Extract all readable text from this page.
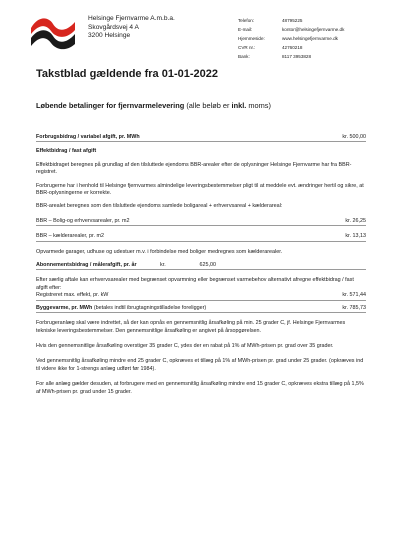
Helsinge Fjernvarme A.m.b.a.
Skovgårdsvej 4 A
3200 Helsinge
Telefon:	48795225
E-mail:	kontor@helsingefjernvarme.dk
Hjemmeside:	www.helsingefjernvarme.dk
CVR nr.:	42760218
Bank:	8117 3953828
Takstblad gældende fra 01-01-2022
Løbende betalinger for fjernvarmelevering (alle beløb er inkl. moms)
Forbrugsbidrag / variabel afgift, pr. MWh	kr. 500,00
Effektbidrag / fast afgift

Effektbidraget beregnes på grundlag af den tilsluttede ejendoms BBR-arealer efter de oplysninger Helsinge Fjernvarme har fra BBR-registret.

Forbrugerne har i henhold til Helsinge fjernvarmes almindelige leveringsbestemmelser pligt til at meddele evt. ændringer hertil og sikre, at BBR-oplysningerne er korrekte.

BBR-arealet beregnes som den tilsluttede ejendoms samlede boligareal + erhvervsareal + kælderareal:

BBR – Bolig-og erhvervsarealer, pr. m2	kr. 26,25
BBR – kælderarealer, pr. m2	kr. 13,13

Opvarmede garager, udhuse og udestuer m.v. i forbindelse med boliger medregnes som kælderarealer.

Abonnementsbidrag / målerafgift, pr. år	kr.	625,00

Efter særlig aftale kan erhvervsarealer med begrænset opvarmning eller begrænset varmebehov alternativt afregne effektbidrag / fast afgift efter:

Registreret max. effekt, pr. kW	kr. 571,44
Byggevarme, pr. MWh (betales indtil ibrugtagningstilladelse foreligger)	kr. 785,73

Forbrugeranlæg skal være indrettet, så der kan opnås en gennemsnitlig årsafkøling på min. 25 grader C, jf. Helsinge Fjernvarmes tekniske leveringsbestemmelser. Den gennemsnitlige årsafkøling er angivet på årsopgørelsen.

Hvis den gennemsnitlige årsafkøling overstiger 35 grader C, ydes der en rabat på 1% af MWh-prisen pr. grad over 35 grader.

Ved gennemsnitlig årsafkøling mindre end 25 grader C, opkræves et tillæg på 1% af MWh-prisen pr. grad under 25 grader. (opkræves ind til videre ikke for 1-strengs anlæg udført før 1984).

For alle anlæg gælder desuden, at forbrugere med en gennemsnitlig årsafkøling mindre end 15 grader C, opkræves ekstra tillæg på 1,5% af MWh-prisen pr. grad under 15 grader.
